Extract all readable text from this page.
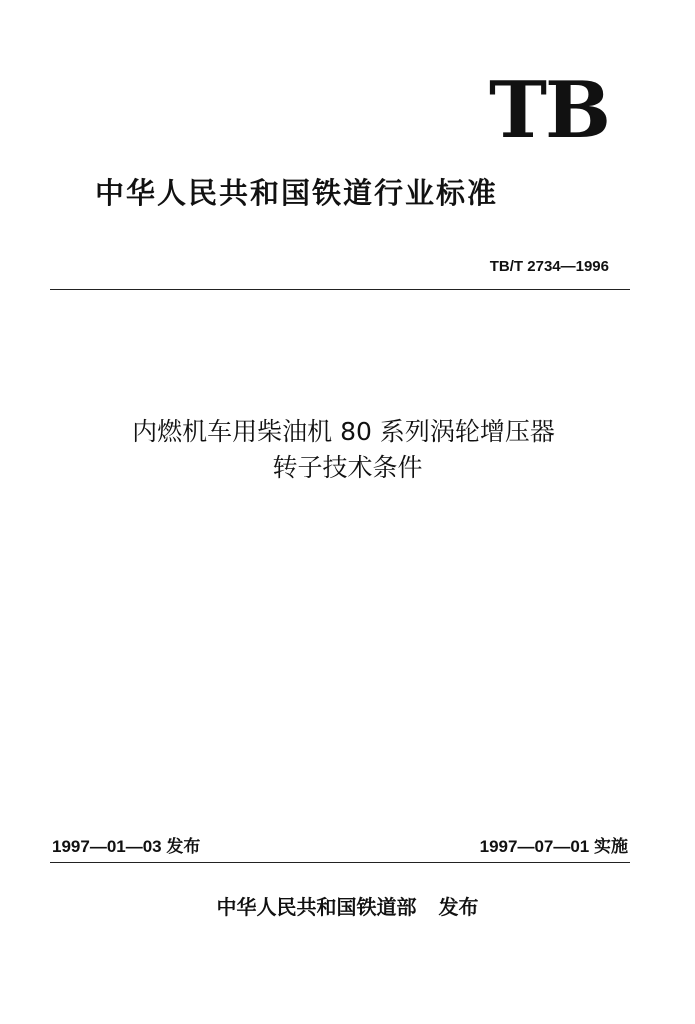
TB
中华人民共和国铁道行业标准
TB/T 2734—1996
内燃机车用柴油机 80 系列涡轮增压器
转子技术条件
1997—01—03 发布	1997—07—01 实施
中华人民共和国铁道部 发布
